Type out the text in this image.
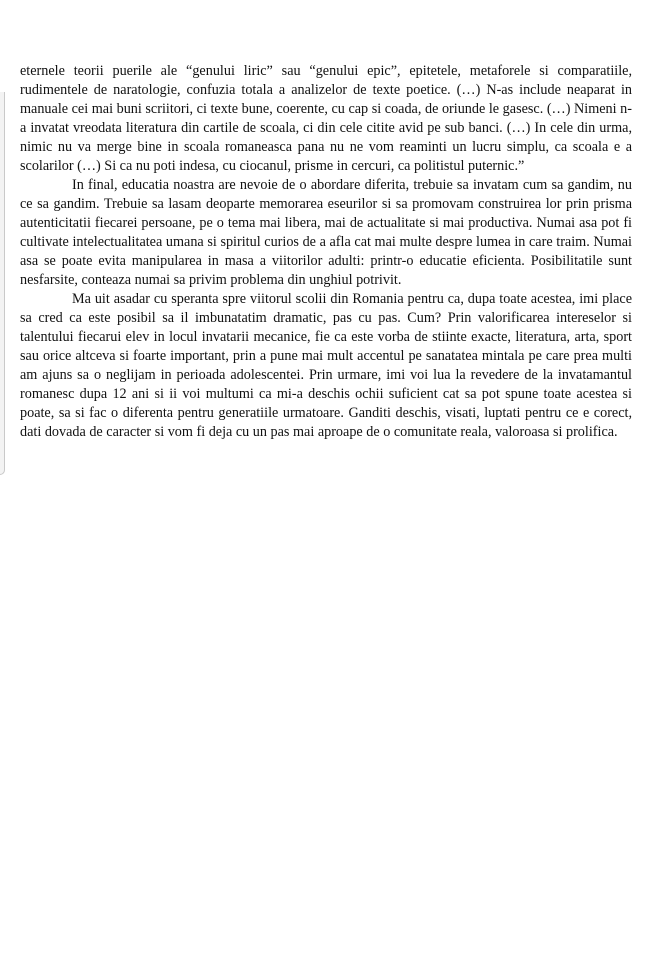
eternele teorii puerile ale “genului liric” sau “genului epic”, epitetele, metaforele si comparatiile, rudimentele de naratologie, confuzia totala a analizelor de texte poetice. (…) N-as include neaparat in manuale cei mai buni scriitori, ci texte bune, coerente, cu cap si coada, de oriunde le gasesc. (…) Nimeni n-a invatat vreodata literatura din cartile de scoala, ci din cele citite avid pe sub banci. (…) In cele din urma, nimic nu va merge bine in scoala romaneasca pana nu ne vom reaminti un lucru simplu, ca scoala e a scolarilor (…) Si ca nu poti indesa, cu ciocanul, prisme in cercuri, ca politistul puternic.”

In final, educatia noastra are nevoie de o abordare diferita, trebuie sa invatam cum sa gandim, nu ce sa gandim. Trebuie sa lasam deoparte memorarea eseurilor si sa promovam construirea lor prin prisma autenticitatii fiecarei persoane, pe o tema mai libera, mai de actualitate si mai productiva. Numai asa pot fi cultivate intelectualitatea umana si spiritul curios de a afla cat mai multe despre lumea in care traim. Numai asa se poate evita manipularea in masa a viitorilor adulti: printr-o educatie eficienta. Posibilitatile sunt nesfarsite, conteaza numai sa privim problema din unghiul potrivit.

Ma uit asadar cu speranta spre viitorul scolii din Romania pentru ca, dupa toate acestea, imi place sa cred ca este posibil sa il imbunatatim dramatic, pas cu pas. Cum? Prin valorificarea intereselor si talentului fiecarui elev in locul invatarii mecanice, fie ca este vorba de stiinte exacte, literatura, arta, sport sau orice altceva si foarte important, prin a pune mai mult accentul pe sanatatea mintala pe care prea multi am ajuns sa o neglijam in perioada adolescentei. Prin urmare, imi voi lua la revedere de la invatamantul romanesc dupa 12 ani si ii voi multumi ca mi-a deschis ochii suficient cat sa pot spune toate acestea si poate, sa si fac o diferenta pentru generatiile urmatoare. Ganditi deschis, visati, luptati pentru ce e corect, dati dovada de caracter si vom fi deja cu un pas mai aproape de o comunitate reala, valoroasa si prolifica.
